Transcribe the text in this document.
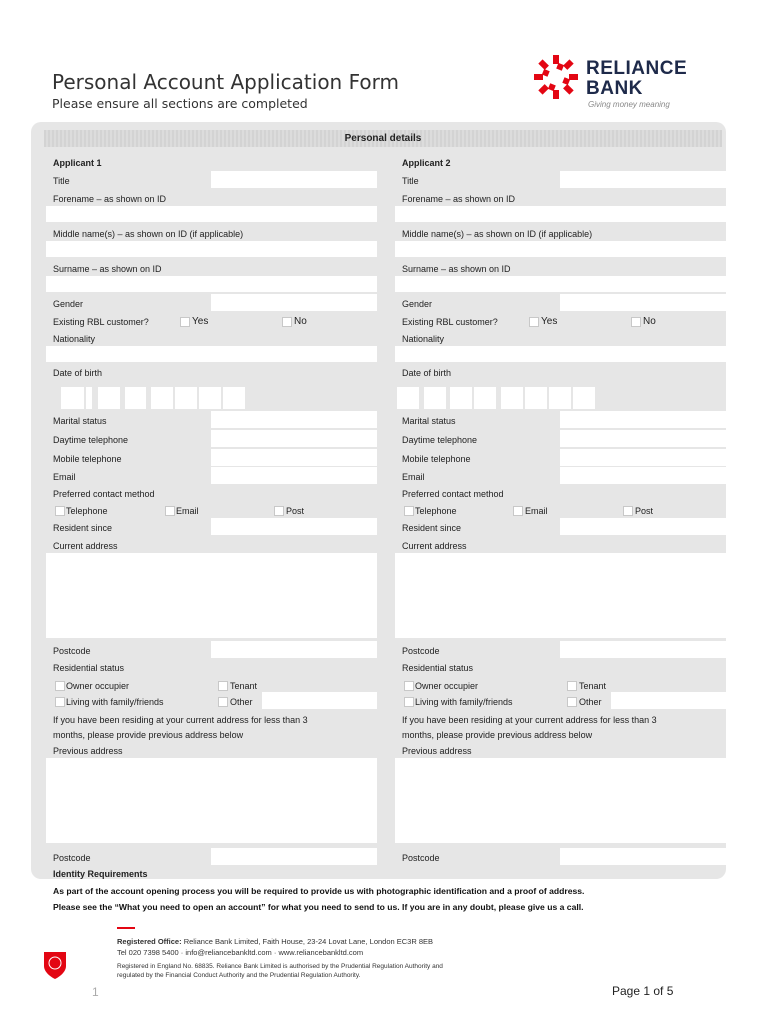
Personal Account Application Form
Please ensure all sections are completed
RELIANCE
BANK
Giving money meaning
Personal details
Applicant 1
Title
Forename – as shown on ID
Middle name(s) – as shown on ID (if applicable)
Surname – as shown on ID
Gender
Existing RBL customer?	Yes	No
Nationality
Date of birth
Marital status
Daytime telephone
Mobile telephone
Email
Preferred contact method
Telephone	Email	Post
Resident since
Current address
Postcode
Residential status
Owner occupier	Tenant
Living with family/friends	Other
If you have been residing at your current address for less than 3
months, please provide previous address below
Previous address
Postcode
Applicant 2
Title
Forename – as shown on ID
Middle name(s) – as shown on ID (if applicable)
Surname – as shown on ID
Gender
Existing RBL customer?	Yes	No
Nationality
Date of birth
Marital status
Daytime telephone
Mobile telephone
Email
Preferred contact method
Telephone	Email	Post
Resident since
Current address
Postcode
Residential status
Owner occupier	Tenant
Living with family/friends	Other
If you have been residing at your current address for less than 3
months, please provide previous address below
Previous address
Postcode
Identity Requirements
As part of the account opening process you will be required to provide us with photographic identification and a proof of address.
Please see the “What you need to open an account” for what you need to send to us. If you are in any doubt, please give us a call.
Registered Office: Reliance Bank Limited, Faith House, 23-24 Lovat Lane, London EC3R 8EB
Tel 020 7398 5400 · info@reliancebankltd.com · www.reliancebankltd.com
Registered in England No. 68835. Reliance Bank Limited is authorised by the Prudential Regulation Authority and
regulated by the Financial Conduct Authority and the Prudential Regulation Authority.
1	Page 1 of 5
